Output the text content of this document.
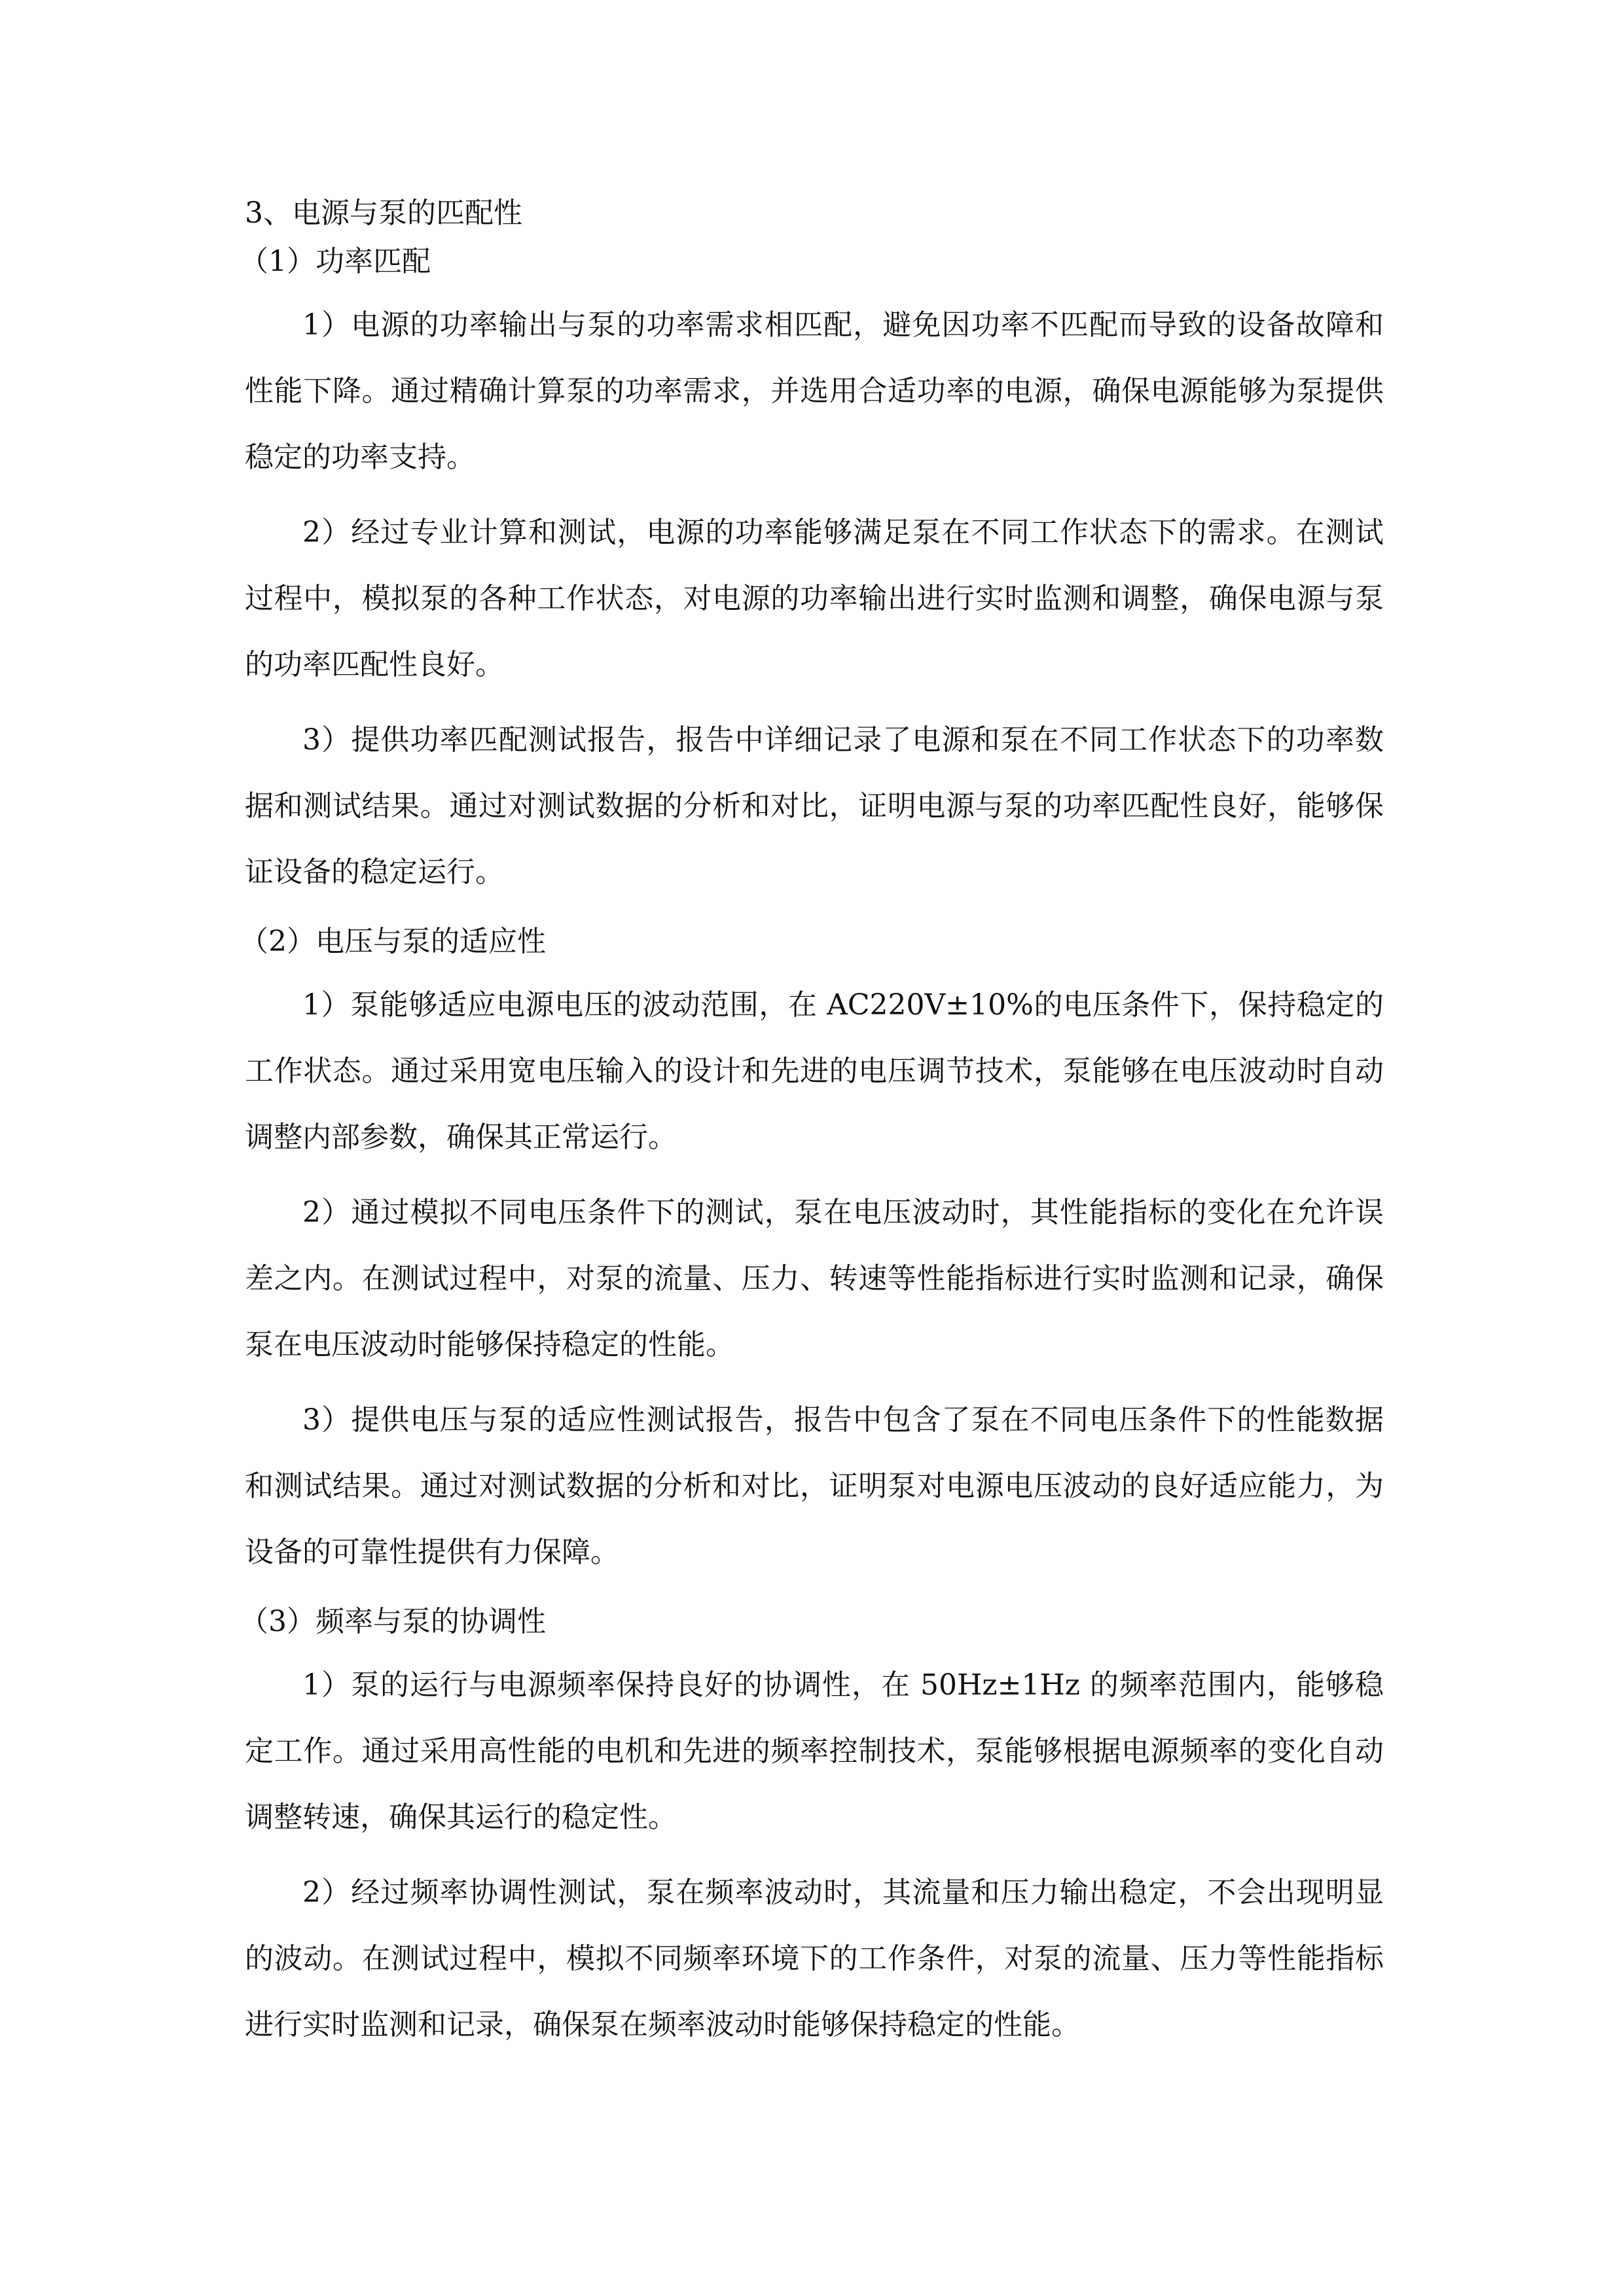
3、电源与泵的匹配性

（1）功率匹配

1）电源的功率输出与泵的功率需求相匹配，避免因功率不匹配而导致的设备故障和性能下降。通过精确计算泵的功率需求，并选用合适功率的电源，确保电源能够为泵提供稳定的功率支持。

2）经过专业计算和测试，电源的功率能够满足泵在不同工作状态下的需求。在测试过程中，模拟泵的各种工作状态，对电源的功率输出进行实时监测和调整，确保电源与泵的功率匹配性良好。

3）提供功率匹配测试报告，报告中详细记录了电源和泵在不同工作状态下的功率数据和测试结果。通过对测试数据的分析和对比，证明电源与泵的功率匹配性良好，能够保证设备的稳定运行。

（2）电压与泵的适应性

1）泵能够适应电源电压的波动范围，在 AC220V±10%的电压条件下，保持稳定的工作状态。通过采用宽电压输入的设计和先进的电压调节技术，泵能够在电压波动时自动调整内部参数，确保其正常运行。

2）通过模拟不同电压条件下的测试，泵在电压波动时，其性能指标的变化在允许误差之内。在测试过程中，对泵的流量、压力、转速等性能指标进行实时监测和记录，确保泵在电压波动时能够保持稳定的性能。

3）提供电压与泵的适应性测试报告，报告中包含了泵在不同电压条件下的性能数据和测试结果。通过对测试数据的分析和对比，证明泵对电源电压波动的良好适应能力，为设备的可靠性提供有力保障。

（3）频率与泵的协调性

1）泵的运行与电源频率保持良好的协调性，在 50Hz±1Hz 的频率范围内，能够稳定工作。通过采用高性能的电机和先进的频率控制技术，泵能够根据电源频率的变化自动调整转速，确保其运行的稳定性。

2）经过频率协调性测试，泵在频率波动时，其流量和压力输出稳定，不会出现明显的波动。在测试过程中，模拟不同频率环境下的工作条件，对泵的流量、压力等性能指标进行实时监测和记录，确保泵在频率波动时能够保持稳定的性能。
